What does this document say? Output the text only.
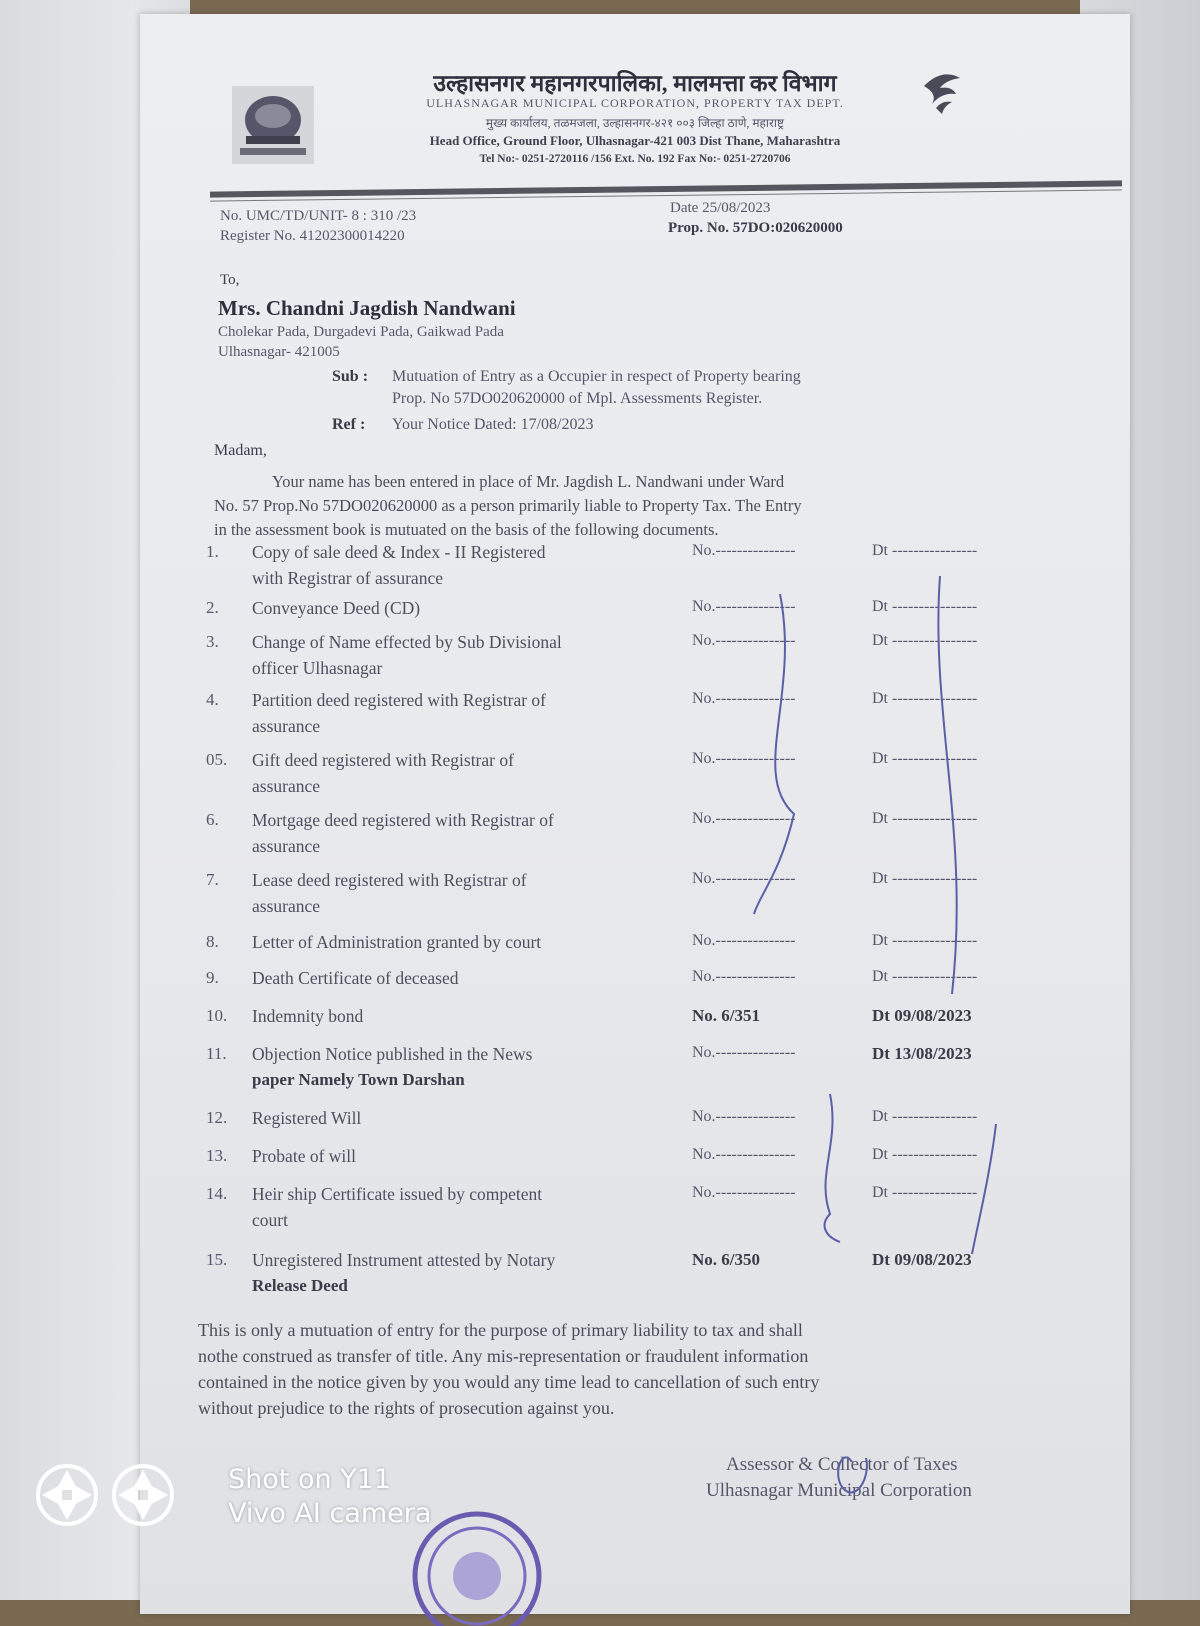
उल्हासनगर महानगरपालिका, मालमत्ता कर विभाग
ULHASNAGAR MUNICIPAL CORPORATION, PROPERTY TAX DEPT.
मुख्य कार्यालय, तळमजला, उल्हासनगर-४२१ ००३ जिल्हा ठाणे, महाराष्ट्र
Head Office, Ground Floor, Ulhasnagar-421 003 Dist Thane, Maharashtra
Tel No:- 0251-2720116 /156 Ext. No. 192 Fax No:- 0251-2720706
No. UMC/TD/UNIT- 8 : 310 /23
Register No. 41202300014220
Date 25/08/2023
Prop. No. 57DO:020620000
To,
Mrs. Chandni Jagdish Nandwani
Cholekar Pada, Durgadevi Pada, Gaikwad Pada
Ulhasnagar- 421005
Sub : Mutuation of Entry as a Occupier in respect of Property bearing
Prop. No 57DO020620000 of Mpl. Assessments Register.
Ref : Your Notice Dated: 17/08/2023
Madam,
Your name has been entered in place of Mr. Jagdish L. Nandwani under Ward
No. 57 Prop.No 57DO020620000 as a person primarily liable to Property Tax. The Entry
in the assessment book is mutuated on the basis of the following documents.
1. Copy of sale deed & Index - II Registered
with Registrar of assurance
No.---------------	Dt ----------------
2. Conveyance Deed (CD)	No.---------------	Dt ----------------
3. Change of Name effected by Sub Divisional
officer Ulhasnagar
No.---------------	Dt ----------------
4. Partition deed registered with Registrar of
assurance
No.---------------	Dt ----------------
05. Gift deed registered with Registrar of
assurance
No.---------------	Dt ----------------
6. Mortgage deed registered with Registrar of
assurance
No.---------------	Dt ----------------
7. Lease deed registered with Registrar of
assurance
No.---------------	Dt ----------------
8. Letter of Administration granted by court	No.---------------	Dt ----------------
9. Death Certificate of deceased	No.---------------	Dt ----------------
10. Indemnity bond	No. 6/351	Dt 09/08/2023
11. Objection Notice published in the News
paper Namely Town Darshan
No.---------------	Dt 13/08/2023
12. Registered Will	No.---------------	Dt ----------------
13. Probate of will	No.---------------	Dt ----------------
14. Heir ship Certificate issued by competent
court
No.---------------	Dt ----------------
15. Unregistered Instrument attested by Notary
Release Deed
No. 6/350	Dt 09/08/2023
This is only a mutuation of entry for the purpose of primary liability to tax and shall
nothe construed as transfer of title. Any mis-representation or fraudulent information
contained in the notice given by you would any time lead to cancellation of such entry
without prejudice to the rights of prosecution against you.
Assessor & Collector of Taxes
Ulhasnagar Municipal Corporation
Shot on Y11
Vivo AI camera
